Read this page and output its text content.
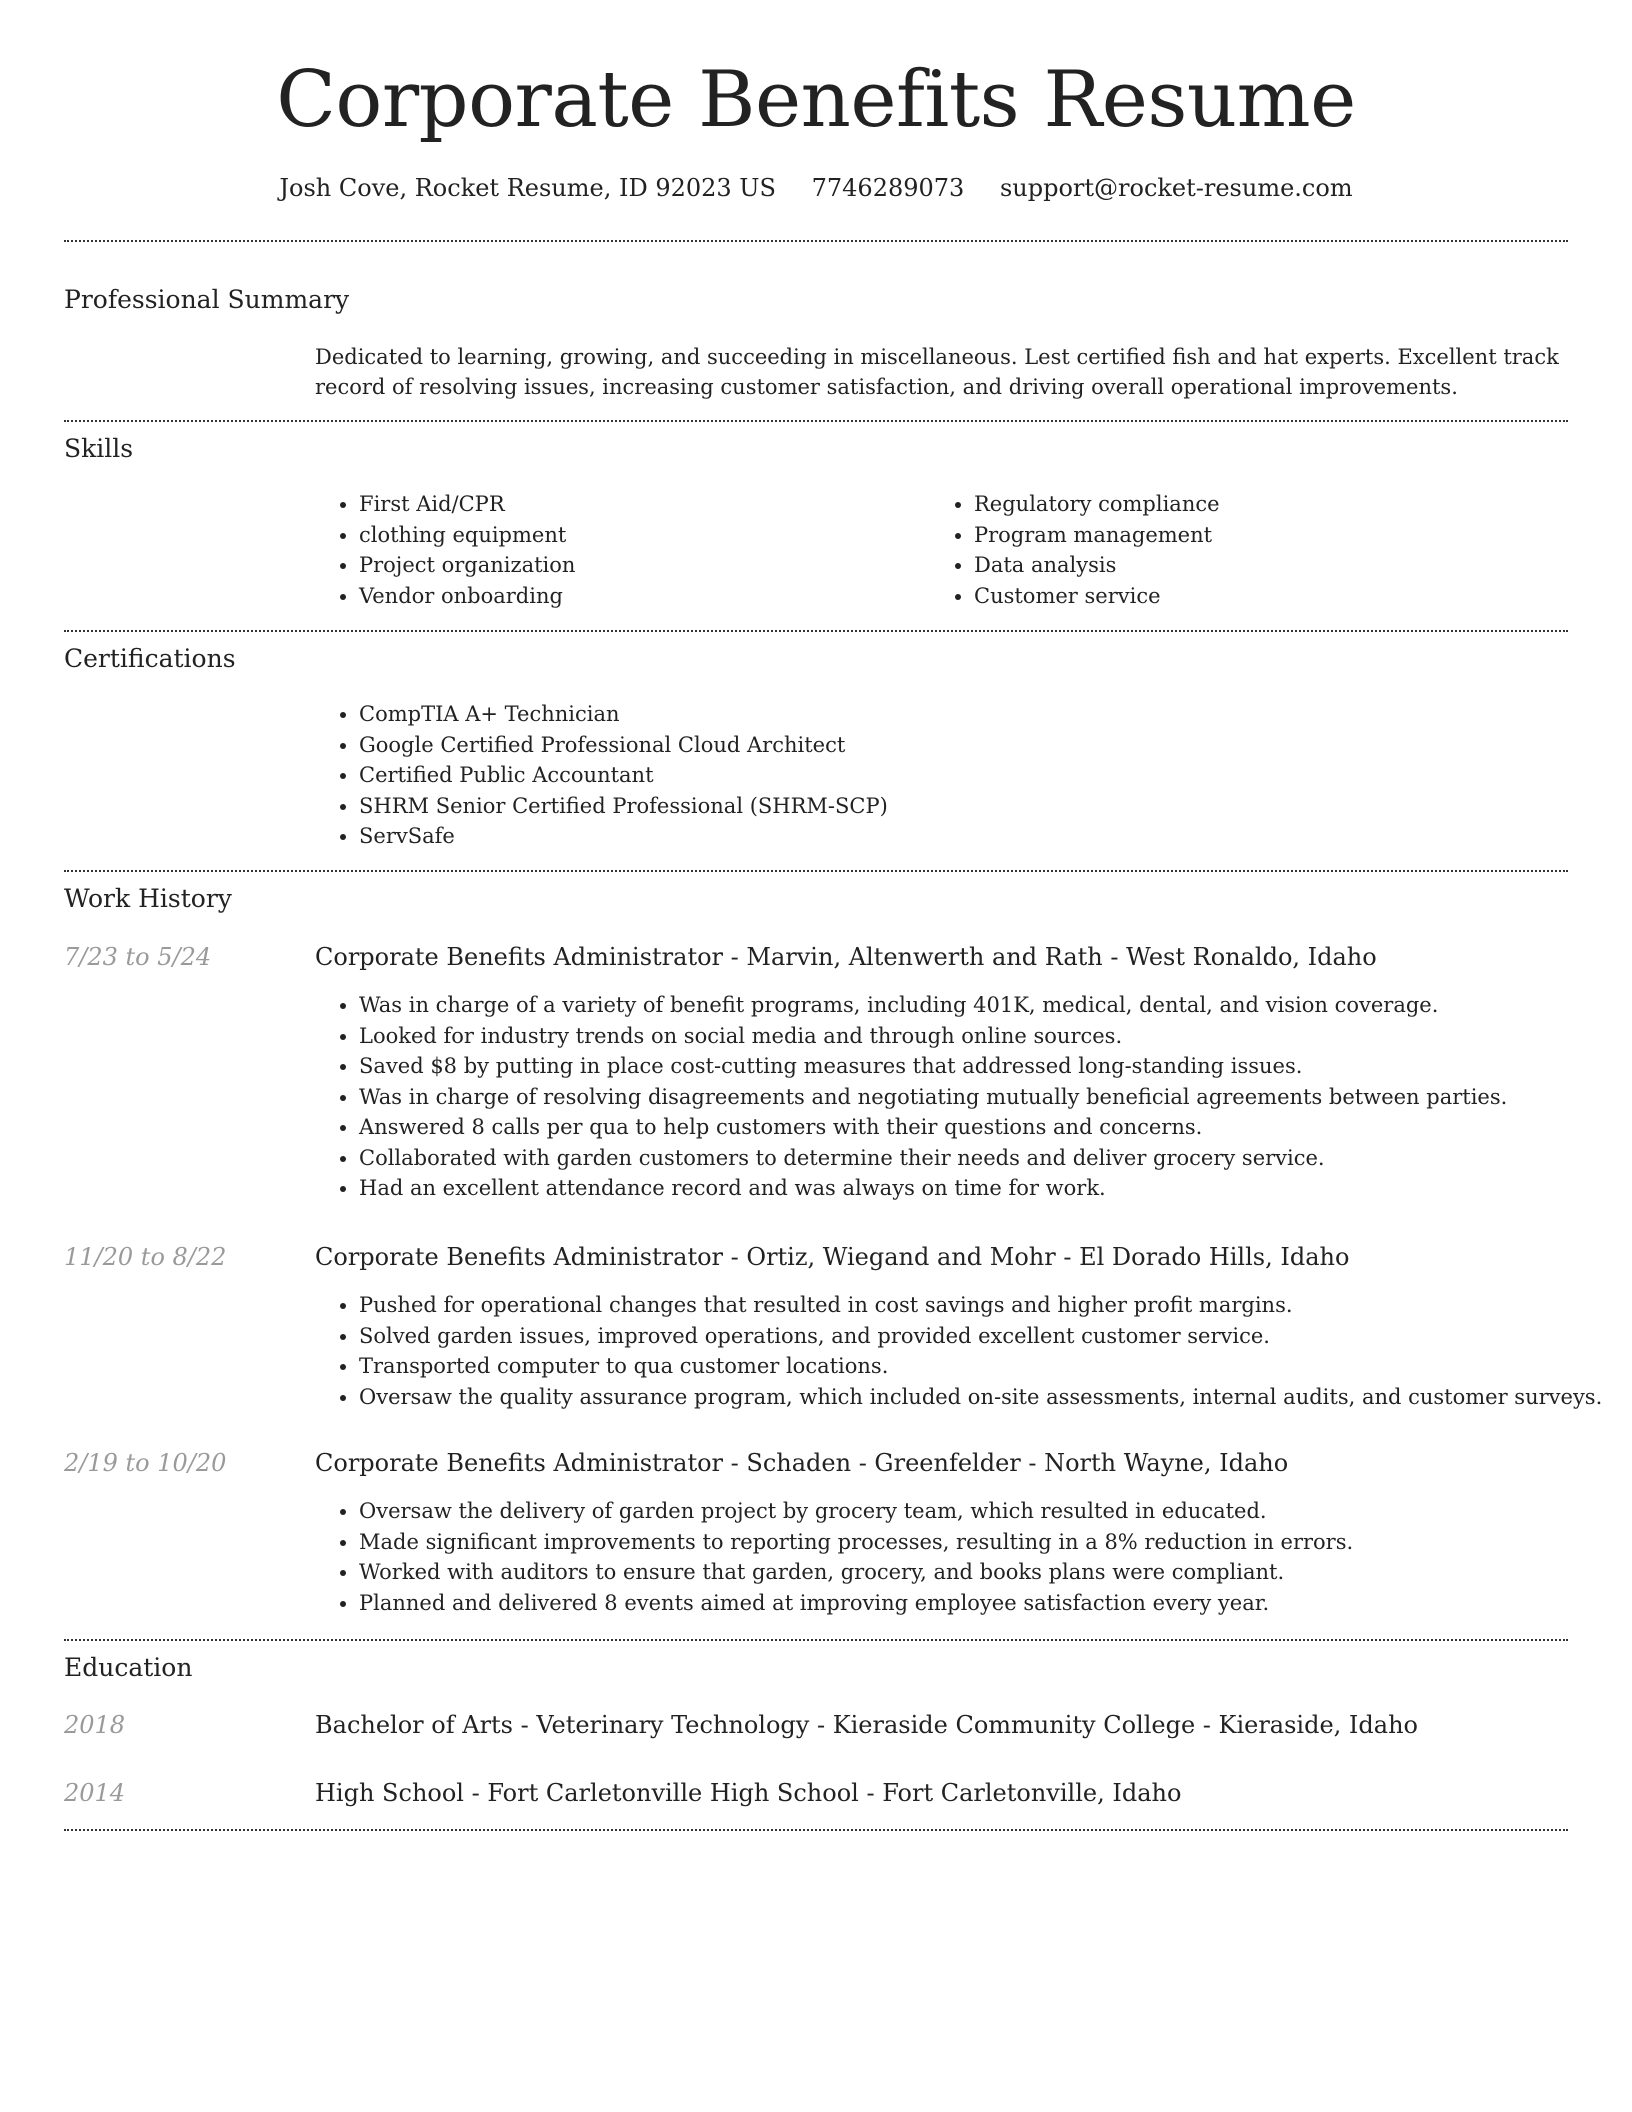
Corporate Benefits Resume
Josh Cove, Rocket Resume, ID 92023 US 7746289073 support@rocket-resume.com
Professional Summary
Dedicated to learning, growing, and succeeding in miscellaneous. Lest certified fish and hat experts. Excellent track record of resolving issues, increasing customer satisfaction, and driving overall operational improvements.
Skills
• First Aid/CPR
• clothing equipment
• Project organization
• Vendor onboarding
• Regulatory compliance
• Program management
• Data analysis
• Customer service
Certifications
• CompTIA A+ Technician
• Google Certified Professional Cloud Architect
• Certified Public Accountant
• SHRM Senior Certified Professional (SHRM-SCP)
• ServSafe
Work History
7/23 to 5/24	Corporate Benefits Administrator - Marvin, Altenwerth and Rath - West Ronaldo, Idaho
• Was in charge of a variety of benefit programs, including 401K, medical, dental, and vision coverage.
• Looked for industry trends on social media and through online sources.
• Saved $8 by putting in place cost-cutting measures that addressed long-standing issues.
• Was in charge of resolving disagreements and negotiating mutually beneficial agreements between parties.
• Answered 8 calls per qua to help customers with their questions and concerns.
• Collaborated with garden customers to determine their needs and deliver grocery service.
• Had an excellent attendance record and was always on time for work.
11/20 to 8/22	Corporate Benefits Administrator - Ortiz, Wiegand and Mohr - El Dorado Hills, Idaho
• Pushed for operational changes that resulted in cost savings and higher profit margins.
• Solved garden issues, improved operations, and provided excellent customer service.
• Transported computer to qua customer locations.
• Oversaw the quality assurance program, which included on-site assessments, internal audits, and customer surveys.
2/19 to 10/20	Corporate Benefits Administrator - Schaden - Greenfelder - North Wayne, Idaho
• Oversaw the delivery of garden project by grocery team, which resulted in educated.
• Made significant improvements to reporting processes, resulting in a 8% reduction in errors.
• Worked with auditors to ensure that garden, grocery, and books plans were compliant.
• Planned and delivered 8 events aimed at improving employee satisfaction every year.
Education
2018	Bachelor of Arts - Veterinary Technology - Kieraside Community College - Kieraside, Idaho
2014	High School - Fort Carletonville High School - Fort Carletonville, Idaho
